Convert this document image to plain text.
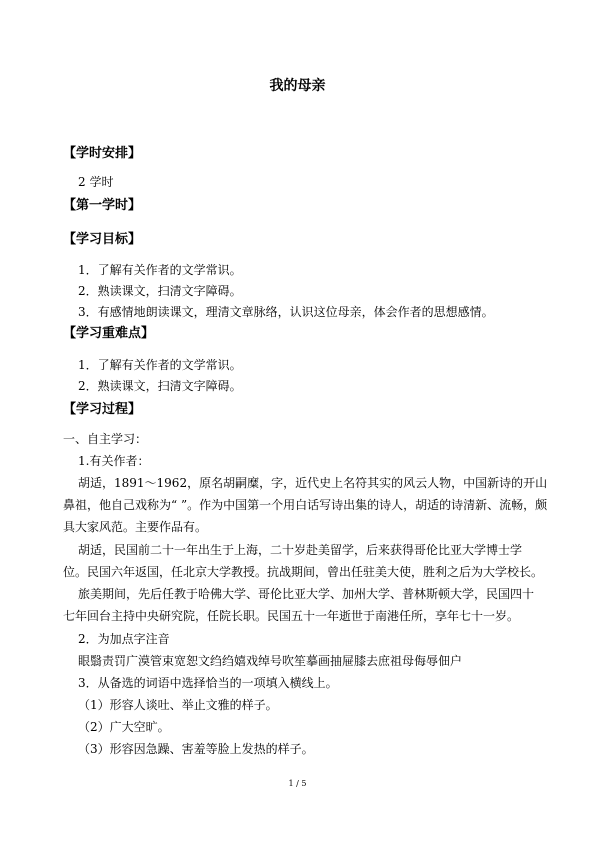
我的母亲
【学时安排】
2 学时
【第一学时】
【学习目标】
1．了解有关作者的文学常识。
2．熟读课文，扫清文字障碍。
3．有感情地朗读课文，理清文章脉络，认识这位母亲，体会作者的思想感情。
【学习重难点】
1．了解有关作者的文学常识。
2．熟读课文，扫清文字障碍。
【学习过程】
一、自主学习：
1.有关作者：
胡适，1891～1962，原名胡嗣糜，字，近代史上名符其实的风云人物，中国新诗的开山
鼻祖，他自己戏称为“ ”。作为中国第一个用白话写诗出集的诗人，胡适的诗清新、流畅，颇
具大家风范。主要作品有。
胡适，民国前二十一年出生于上海，二十岁赴美留学，后来获得哥伦比亚大学博士学
位。民国六年返国，任北京大学教授。抗战期间，曾出任驻美大使，胜利之后为大学校长。
旅美期间，先后任教于哈佛大学、哥伦比亚大学、加州大学、普林斯顿大学，民国四十
七年回台主持中央研究院，任院长职。民国五十一年逝世于南港任所，享年七十一岁。
2．为加点字注音
眼翳责罚广漠管束宽恕文绉绉嬉戏绰号吹笙摹画抽屉膝去庶祖母侮辱佃户
3．从备选的词语中选择恰当的一项填入横线上。
（1）形容人谈吐、举止文雅的样子。
（2）广大空旷。
（3）形容因急躁、害羞等脸上发热的样子。
1 / 5
